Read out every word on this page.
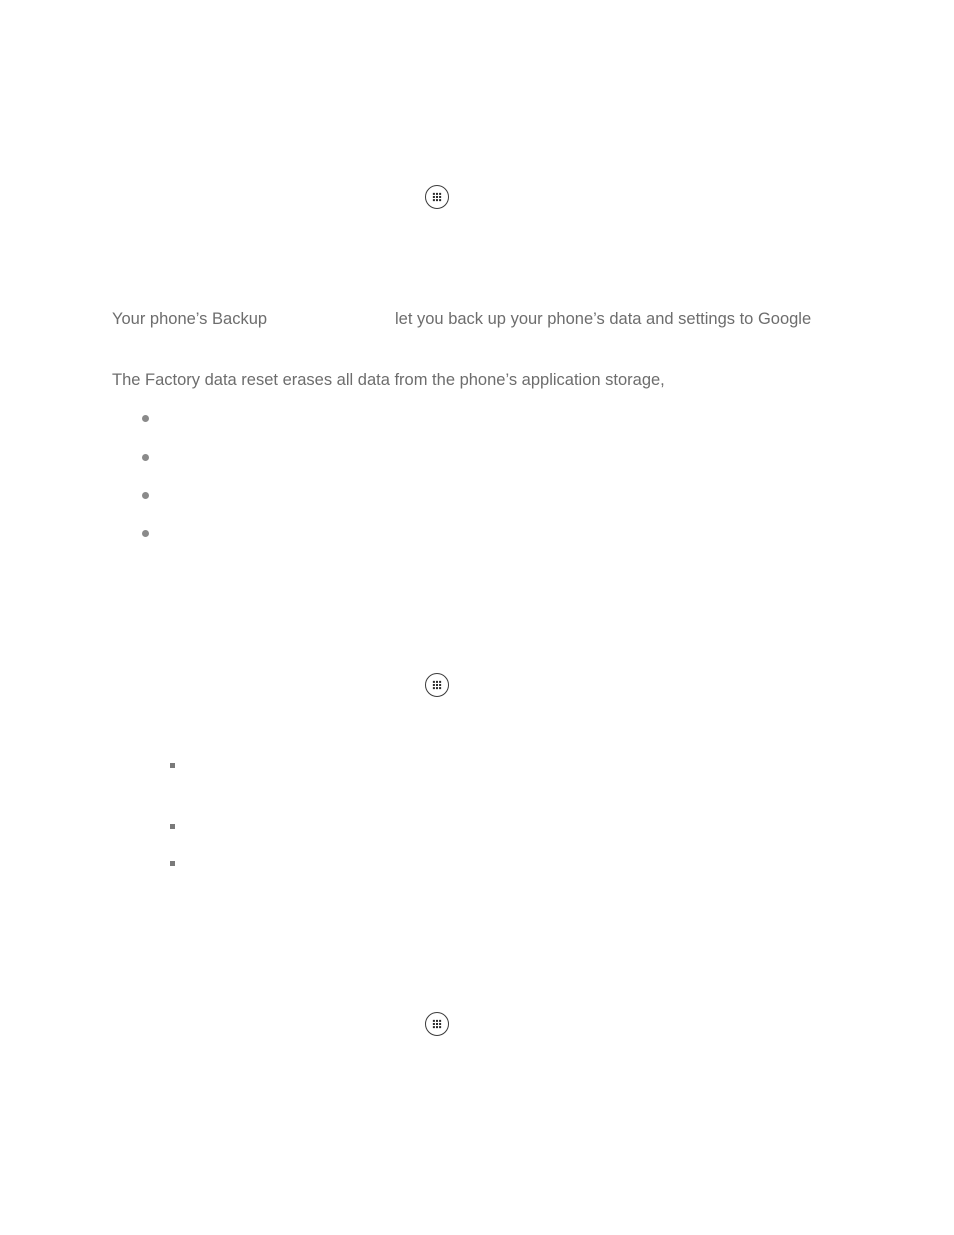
Your phone’s Backup	let you back up your phone’s data and settings to Google
The Factory data reset erases all data from the phone’s application storage,
